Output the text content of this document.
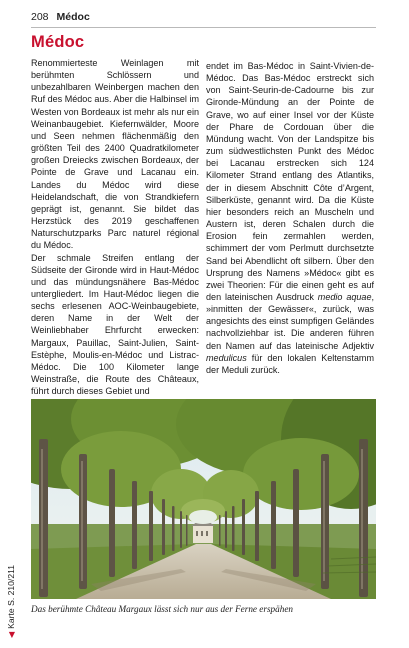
208 Médoc
Médoc

Renommierteste Weinlagen mit berühmten Schlössern und unbezahlbaren Weinbergen machen den Ruf des Médoc aus. Aber die Halbinsel im Westen von Bordeaux ist mehr als nur ein Weinanbaugebiet. Kiefernwälder, Moore und Seen nehmen flächenmäßig den größten Teil des 2400 Quadratkilometer großen Dreiecks zwischen Bordeaux, der Pointe de Grave und Lacanau ein. Landes du Médoc wird diese Heidelandschaft, die von Strandkiefern geprägt ist, genannt. Sie bildet das Herzstück des 2019 geschaffenen Naturschutzparks Parc naturel régional du Médoc.

Der schmale Streifen entlang der Südseite der Gironde wird in Haut-Médoc und das mündungsnähere Bas-Médoc untergliedert. Im Haut-Médoc liegen die sechs erlesenen AOC-Weinbaugebiete, deren Name in der Welt der Weinliebhaber Ehrfurcht erwecken: Margaux, Pauillac, Saint-Julien, Saint-Estèphe, Moulis-en-Médoc und Listrac-Médoc. Die 100 Kilometer lange Weinstraße, die Route des Châteaux, führt durch dieses Gebiet und

endet im Bas-Médoc in Saint-Vivien-de-Médoc. Das Bas-Médoc erstreckt sich von Saint-Seurin-de-Cadourne bis zur Gironde-Mündung an der Pointe de Grave, wo auf einer Insel vor der Küste der Phare de Cordouan über die Mündung wacht. Von der Landspitze bis zum südwestlichsten Punkt des Médoc bei Lacanau erstrecken sich 124 Kilometer Strand entlang des Atlantiks, der in diesem Abschnitt Côte d’Argent, Silberküste, genannt wird. Da die Küste hier besonders reich an Muscheln und Austern ist, deren Schalen durch die Erosion fein zermahlen werden, schimmert der vom Perlmutt durchsetzte Sand bei Abendlicht oft silbern. Über den Ursprung des Namens »Médoc« gibt es zwei Theorien: Für die einen geht es auf den lateinischen Ausdruck medio aquae, »inmitten der Gewässer«, zurück, was angesichts des einst sumpfigen Geländes nachvollziehbar ist. Die anderen führen den Namen auf das lateinische Adjektiv medulicus für den lokalen Keltenstamm der Meduli zurück.

Das berühmte Château Margaux lässt sich nur aus der Ferne erspähen
◀
Karte S. 210/211
